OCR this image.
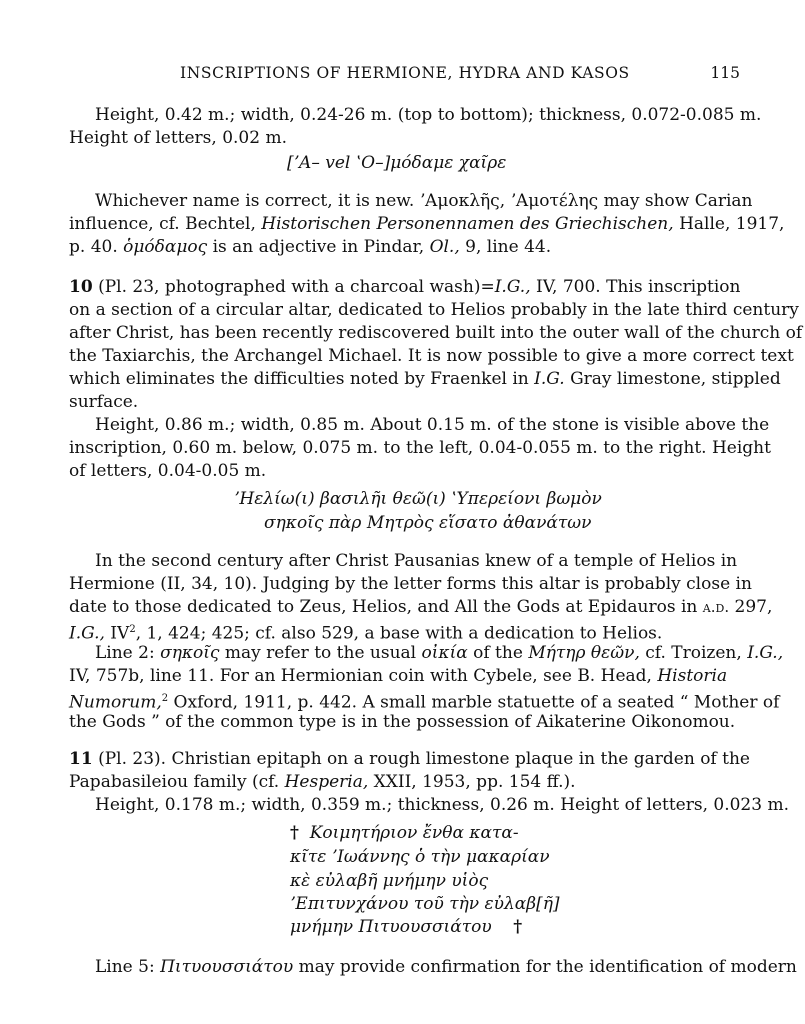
INSCRIPTIONS OF HERMIONE, HYDRA AND KASOS	115
Height, 0.42 m.; width, 0.24-26 m. (top to bottom); thickness, 0.072-0.085 m.
Height of letters, 0.02 m.
[ʼA– vel ʽO–]μόδαμε χαῖρε
Whichever name is correct, it is new. ʼΑμοκλῆς, ʼΑμοτέλης may show Carian
influence, cf. Bechtel, Historischen Personennamen des Griechischen, Halle, 1917,
p. 40. ὁμόδαμος is an adjective in Pindar, Ol., 9, line 44.
10 (Pl. 23, photographed with a charcoal wash)=I.G., IV, 700. This inscription
on a section of a circular altar, dedicated to Helios probably in the late third century
after Christ, has been recently rediscovered built into the outer wall of the church of
the Taxiarchis, the Archangel Michael. It is now possible to give a more correct text
which eliminates the difficulties noted by Fraenkel in I.G. Gray limestone, stippled
surface.
Height, 0.86 m.; width, 0.85 m. About 0.15 m. of the stone is visible above the
inscription, 0.60 m. below, 0.075 m. to the left, 0.04-0.055 m. to the right. Height
of letters, 0.04-0.05 m.
ʼΗελίω(ι) βασιλῆι θεῶ(ι) ʽΥπερείονι βωμὸν
σηκοῖς πὰρ Μητρὸς εἵσατο ἀθανάτων
In the second century after Christ Pausanias knew of a temple of Helios in
Hermione (II, 34, 10). Judging by the letter forms this altar is probably close in
date to those dedicated to Zeus, Helios, and All the Gods at Epidauros in a.d. 297,
I.G., $IV^2$, 1, 424; 425; cf. also 529, a base with a dedication to Helios.
Line 2: σηκοῖς may refer to the usual οἰκία of the Μήτηρ θεῶν, cf. Troizen, I.G.,
IV, 757b, line 11. For an Hermionian coin with Cybele, see B. Head, Historia
Numorum,$^2$ Oxford, 1911, p. 442. A small marble statuette of a seated “ Mother of
the Gods ” of the common type is in the possession of Aikaterine Oikonomou.
11 (Pl. 23). Christian epitaph on a rough limestone plaque in the garden of the
Papabasileiou family (cf. Hesperia, XXII, 1953, pp. 154 ff.).
Height, 0.178 m.; width, 0.359 m.; thickness, 0.26 m. Height of letters, 0.023 m.
† Κοιμητήριον ἔνθα κατα-
κῖτε ʼΙωάννης ὁ τὴν μακαρίαν
κὲ εὐλαβῆ μνήμην υἱὸς
ʼΕπιτυνχάνου τοῦ τὴν εὐλαβ[ῆ]
μνήμην Πιτυουσσιάτου †
Line 5: Πιτυουσσιάτου may provide confirmation for the identification of modern
